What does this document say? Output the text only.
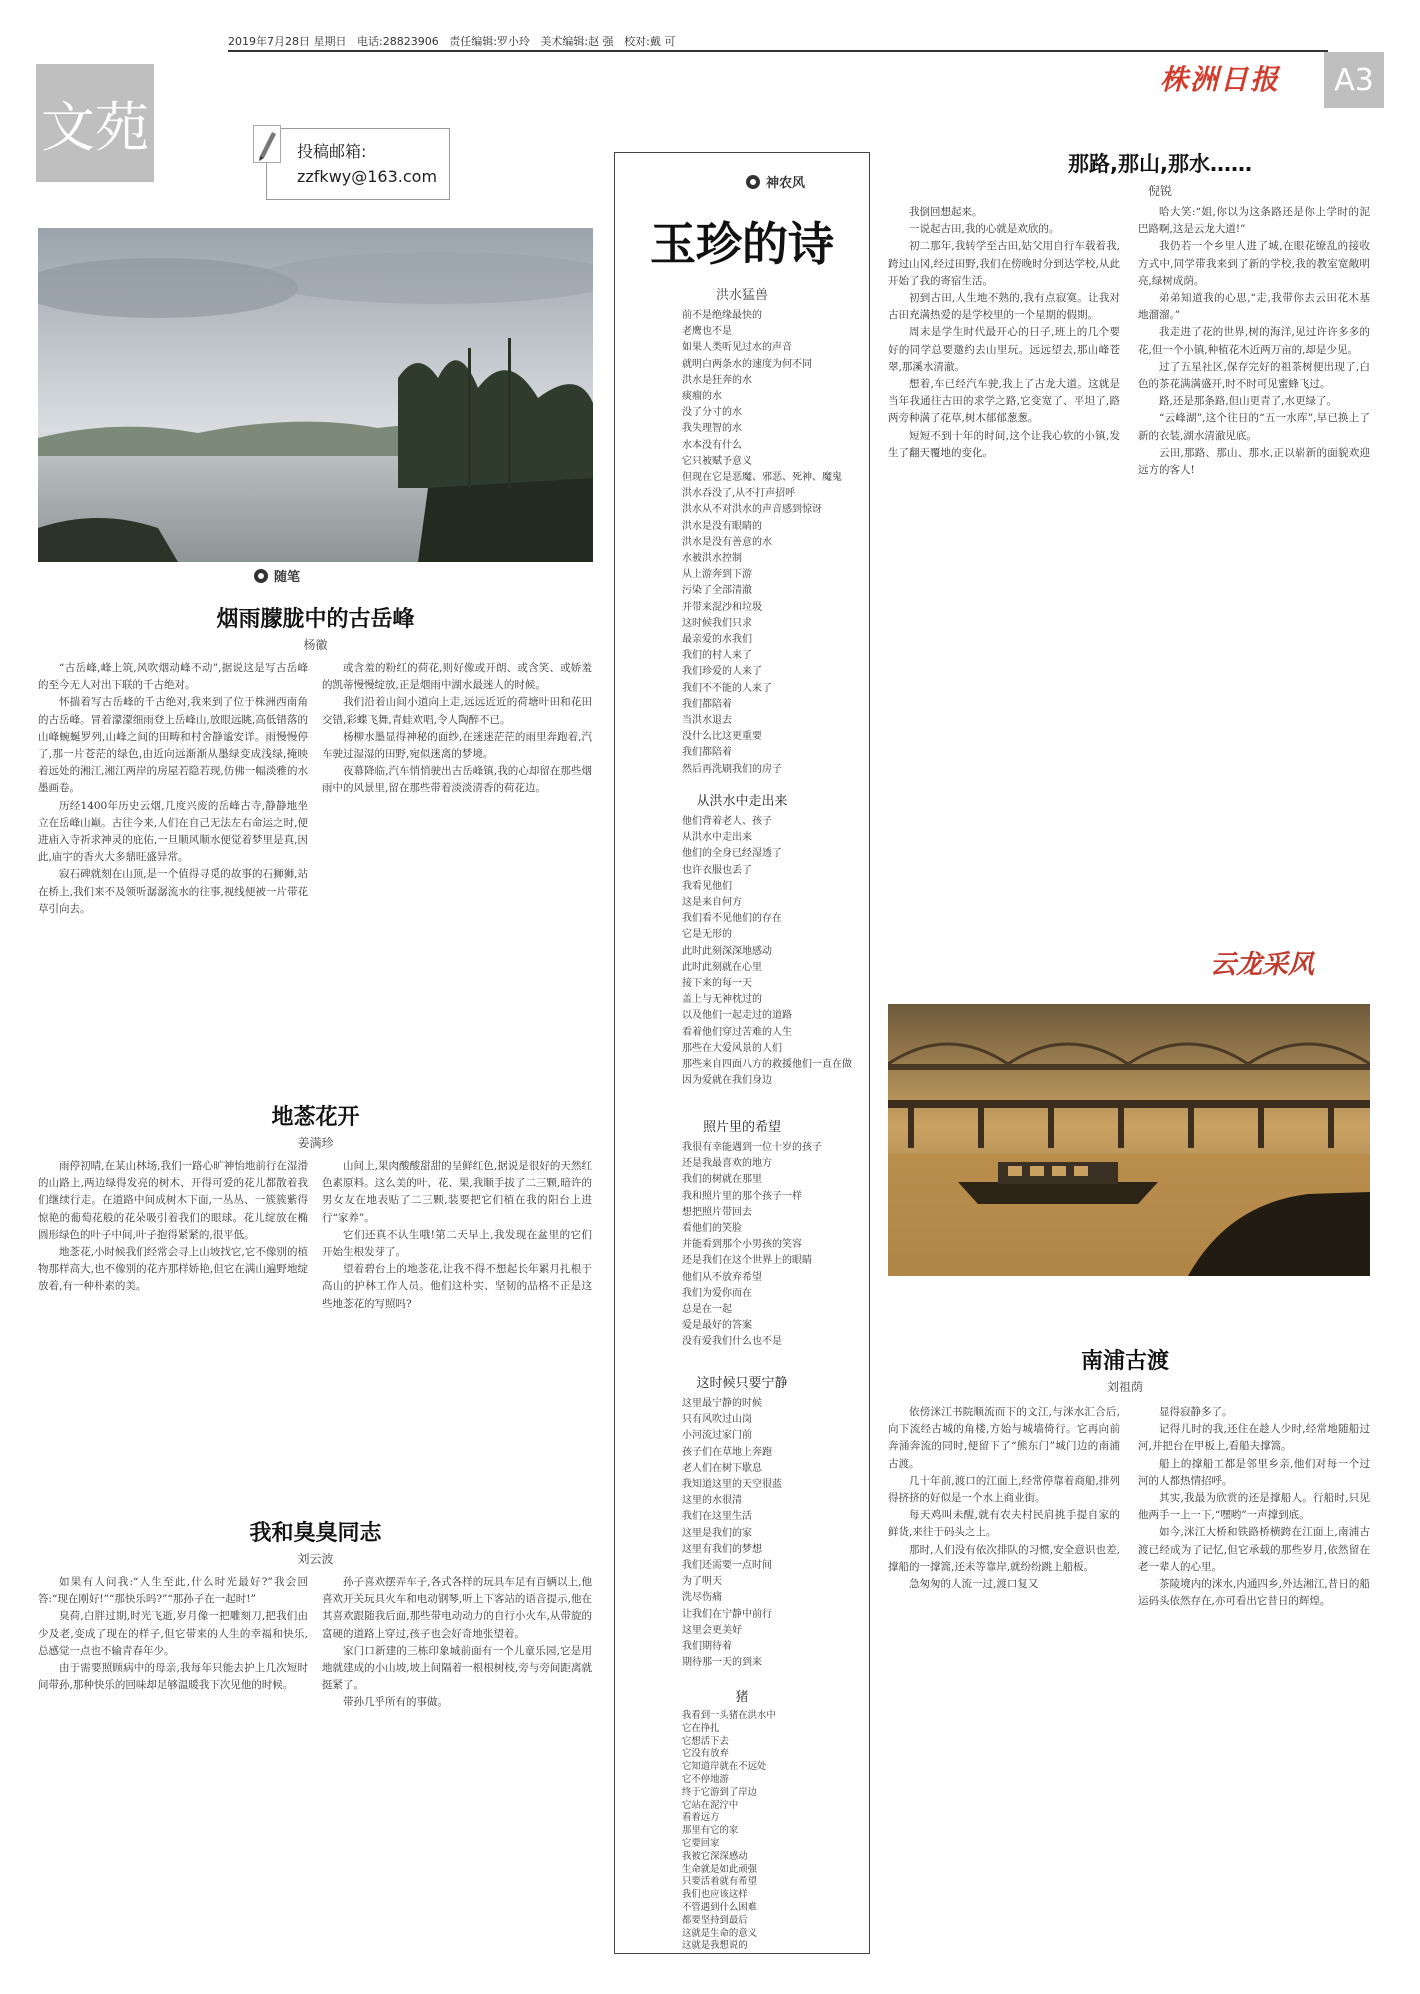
2019年7月28日 星期日 电话:28823906 责任编辑:罗小玲 美术编辑:赵 强 校对:戴 可
株洲日报	A3
文苑	投稿邮箱:
zzfkwy@163.com
随笔
烟雨朦胧中的古岳峰
杨徽

“古岳峰,峰上筑,风吹烟动峰不动”,据说这是写古岳峰的至今无人对出下联的千古绝对。

怀揣着写古岳峰的千古绝对,我来到了位于株洲西南角的古岳峰。冒着濛濛细雨登上岳峰山,放眼远眺,高低错落的山峰蜿蜒罗列,山峰之间的田畴和村舍静谧安详。雨慢慢停了,那一片苍茫的绿色,由近向远渐渐从墨绿变成浅绿,掩映着远处的湘江,湘江两岸的房屋若隐若现,仿佛一幅淡雅的水墨画卷。

历经1400年历史云烟,几度兴废的岳峰古寺,静静地坐立在岳峰山巅。古往今来,人们在自己无法左右命运之时,便进庙入寺祈求神灵的庇佑,一旦顺风顺水便觉着梦里是真,因此,庙宇的香火大多鼎旺盛异常。

寂石碑就刻在山顶,是一个值得寻觅的故事的石狮狮,站在桥上,我们来不及领听潺潺流水的往事,视线便被一片带花草引向去。

或含羞的粉红的荷花,则好像或开朗、或含笑、或娇羞的凯蒂慢慢绽放,正是烟雨中湖水最迷人的时候。

我们沿着山间小道向上走,远远近近的荷塘叶田和花田交错,彩蝶飞舞,青蛙欢唱,令人陶醉不已。

杨柳水墨显得神秘的面纱,在迷迷茫茫的雨里奔跑着,汽车驶过湿湿的田野,宛似迷离的梦境。

夜幕降临,汽车悄悄驶出古岳峰镇,我的心却留在那些烟雨中的风景里,留在那些带着淡淡清香的荷花边。

地菍花开
姜满珍

雨停初晴,在某山林场,我们一路心旷神怡地前行在湿滑的山路上,两边绿得发亮的树木、开得可爱的花儿都散着我们继续行走。在道路中间成树木下面,一丛丛、一簇簇紫得惊艳的葡萄花般的花朵吸引着我们的眼球。花儿绽放在椭圆形绿色的叶子中间,叶子抱得紧紧的,很平低。

地菍花,小时候我们经常会寻上山坡找它,它不像别的植物那样高大,也不像别的花卉那样娇艳,但它在满山遍野地绽放着,有一种朴素的美。

山间上,果肉酸酸甜甜的呈鲜红色,据说是很好的天然红色素原料。这么美的叶、花、果,我顺手拔了二三颗,暗许的男女友在地表贴了二三颗,装要把它们植在我的阳台上进行“家养”。

它们还真不认生哦!第二天早上,我发现在盆里的它们开始生根发芽了。

望着碧台上的地菍花,让我不得不想起长年累月扎根于高山的护林工作人员。他们这朴实、坚韧的品格不正是这些地菍花的写照吗?

我和臭臭同志
刘云波

如果有人问我:“人生至此,什么时光最好?”我会回答:“现在刚好!”“那快乐吗?”“那孙子在一起时!”

臭荷,白胖过期,时光飞逝,岁月像一把雕刻刀,把我们由少及老,变成了现在的样子,但它带来的人生的幸福和快乐,总感觉一点也不输青春年少。

由于需要照顾病中的母亲,我每年只能去护上几次短时间带孙,那种快乐的回味却足够温暖我下次见他的时候。

孙子喜欢摆弄车子,各式各样的玩具车足有百辆以上,他喜欢开关玩具火车和电动钢琴,听上下客站的语音提示,他在其喜欢跟随我后面,那些带电动动力的自行小火车,从带旋的富硬的道路上穿过,孩子也会好奇地张望着。

家门口新建的三栋印象城前面有一个儿童乐园,它是用地就建成的小山坡,坡上间隔着一根根树枝,旁与旁间距离就挺紧了。

带孙几乎所有的事做。

神农风
玉珍的诗
洪水猛兽
前不是绝缘最快的
老鹰也不是
如果人类听见过水的声音
就明白两条水的速度为何不同
洪水是狂奔的水
痰瘤的水
没了分寸的水
我失理智的水
水本没有什么
它只被赋予意义
但现在它是恶魔、邪恶、死神、魔鬼
洪水吞没了,从不打声招呼
洪水从不对洪水的声音感到惊讶
洪水是没有眼睛的
洪水是没有善意的水
水被洪水控制
从上游奔到下游
污染了全部清澈
并带来混沙和垃圾
这时候我们只求
最亲爱的水我们
我们的村人来了
我们珍爱的人来了
我们不不能的人来了
我们都陪着
当洪水退去
没什么比这更重要
我们都陪着
然后再洗刷我们的房子
从洪水中走出来
他们背着老人、孩子
从洪水中走出来
他们的全身已经湿透了
也许衣服也丢了
我看见他们
这是来自何方
我们看不见他们的存在
它是无形的
此时此刻深深地感动
此时此刻就在心里
接下来的每一天
盖上与无神枕过的
以及他们一起走过的道路
看着他们穿过苦难的人生
那些在大爱风景的人们
那些来自四面八方的救援他们一直在做
因为爱就在我们身边
照片里的希望
我很有幸能遇到一位十岁的孩子
还是我最喜欢的地方
我们的树就在那里
我和照片里的那个孩子一样
想把照片带回去
看他们的笑脸
并能看到那个小男孩的笑容
还是我们在这个世界上的眼睛
他们从不放弃希望
我们为爱你而在
总是在一起
爱是最好的答案
没有爱我们什么也不是
这时候只要宁静
这里最宁静的时候
只有风吹过山岗
小河流过家门前
孩子们在草地上奔跑
老人们在树下歇息
我知道这里的天空很蓝
这里的水很清
我们在这里生活
这里是我们的家
这里有我们的梦想
我们还需要一点时间
为了明天
洗尽伤痛
让我们在宁静中前行
这里会更美好
我们期待着
期待那一天的到来
猪
我看到一头猪在洪水中
它在挣扎
它想活下去
它没有放弃
它知道岸就在不远处
它不停地游
终于它游到了岸边
它站在泥泞中
看着远方
那里有它的家
它要回家
我被它深深感动
生命就是如此顽强
只要活着就有希望
我们也应该这样
不管遇到什么困难
都要坚持到最后
这就是生命的意义
这就是我想说的
那路,那山,那水……
倪锐

我倒回想起来。

一说起古田,我的心就是欢欣的。

初二那年,我转学至古田,姑父用自行车载着我,跨过山冈,经过田野,我们在傍晚时分到达学校,从此开始了我的寄宿生活。

初到古田,人生地不熟的,我有点寂寞。让我对古田充满热爱的是学校里的一个星期的假期。

周末是学生时代最开心的日子,班上的几个要好的同学总要邀约去山里玩。远远望去,那山峰苍翠,那溪水清澈。

想着,车已经汽车驶,我上了古龙大道。这就是当年我通往古田的求学之路,它变宽了、平坦了,路两旁种满了花草,树木郁郁葱葱。

短短不到十年的时间,这个让我心软的小镇,发生了翻天覆地的变化。

哈大笑:“姐,你以为这条路还是你上学时的泥巴路啊,这是云龙大道!”

我仍若一个乡里人进了城,在眼花缭乱的接收方式中,同学带我来到了新的学校,我的教室宽敞明亮,绿树成荫。

弟弟知道我的心思,“走,我带你去云田花木基地溜溜。”

我走进了花的世界,树的海洋,见过许许多多的花,但一个小镇,种植花木近两万亩的,却是少见。

过了五星社区,保存完好的祖茶树便出现了,白色的茶花满满盛开,时不时可见蜜蜂飞过。

路,还是那条路,但山更青了,水更绿了。

“云峰湖”,这个往日的“五一水库”,早已换上了新的衣装,湖水清澈见底。

云田,那路、那山、那水,正以崭新的面貌欢迎远方的客人!

云龙采风
南浦古渡
刘祖荫

依傍洣江书院顺流而下的文江,与洣水汇合后,向下流经古城的角楼,方始与城墙倚行。它再向前奔涌奔流的同时,便留下了“熊东门”城门边的南浦古渡。

几十年前,渡口的江面上,经常停靠着商船,排列得挤挤的好似是一个水上商业街。

每天鸡叫未醒,就有农夫村民肩挑手提自家的鲜货,来往于码头之上。

那时,人们没有依次排队的习惯,安全意识也差,撑船的一撑篙,还未等靠岸,就纷纷跳上船板。

急匆匆的人流一过,渡口复又

显得寂静多了。

记得儿时的我,还住在趁人少时,经常地随船过河,并把台在甲板上,看船夫撑篙。

船上的撑船工都是邻里乡亲,他们对每一个过河的人都热情招呼。

其实,我最为欣赏的还是撑船人。行船时,只见他两手一上一下,“嘿哟”一声撑到底。

如今,洣江大桥和铁路桥横跨在江面上,南浦古渡已经成为了记忆,但它承载的那些岁月,依然留在老一辈人的心里。

茶陵境内的洣水,内通四乡,外达湘江,昔日的船运码头依然存在,亦可看出它昔日的辉煌。
